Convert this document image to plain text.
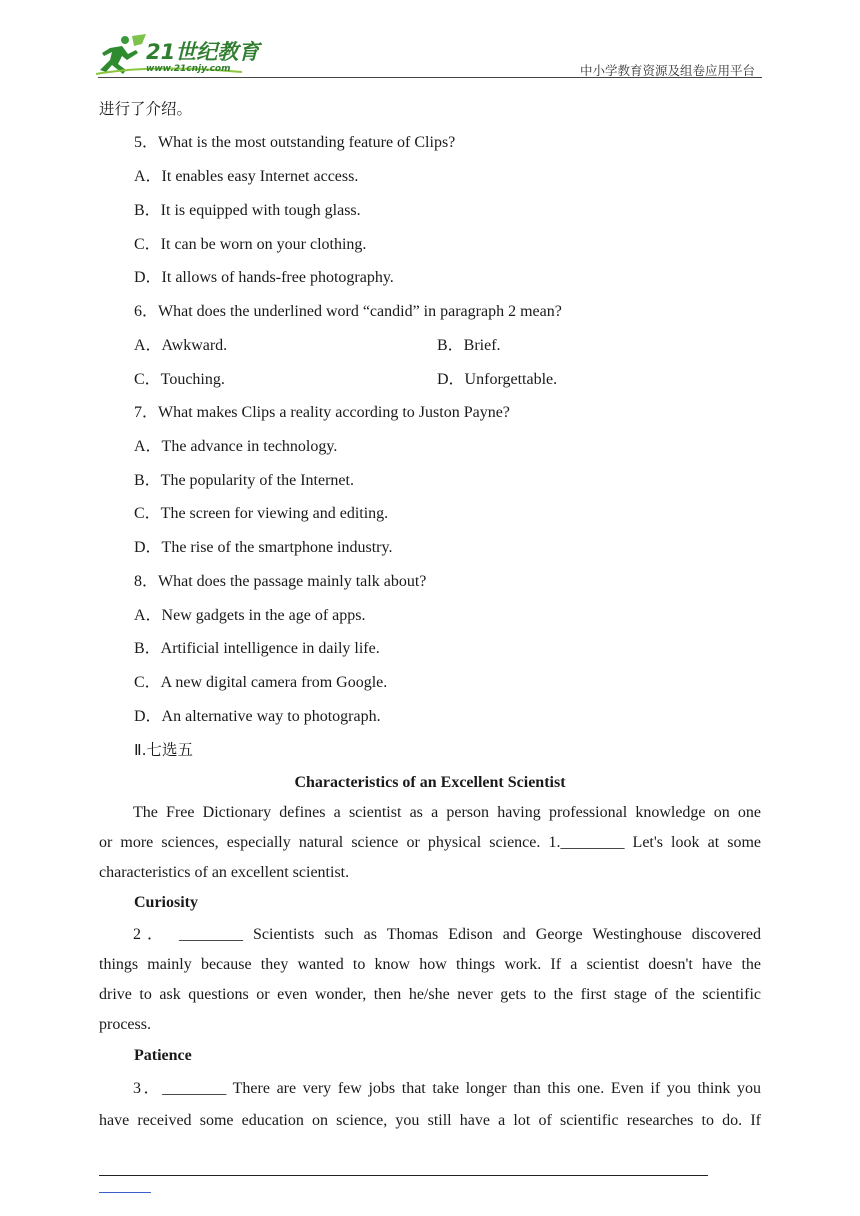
21世纪教育
www.21cnjy.com	中小学教育资源及组卷应用平台
进行了介绍。
5．What is the most outstanding feature of Clips?
A．It enables easy Internet access.
B．It is equipped with tough glass.
C．It can be worn on your clothing.
D．It allows of hands-free photography.
6．What does the underlined word “candid” in paragraph 2 mean?
A．Awkward.	B．Brief.
C．Touching.	D．Unforgettable.
7．What makes Clips a reality according to Juston Payne?
A．The advance in technology.
B．The popularity of the Internet.
C．The screen for viewing and editing.
D．The rise of the smartphone industry.
8．What does the passage mainly talk about?
A．New gadgets in the age of apps.
B．Artificial intelligence in daily life.
C．A new digital camera from Google.
D．An alternative way to photograph.
Ⅱ.七选五
Characteristics of an Excellent Scientist
The Free Dictionary defines a scientist as a person having professional knowledge on one
or more sciences, especially natural science or physical science. 1.________ Let's look at some
characteristics of an excellent scientist.
Curiosity
2． ________ Scientists such as Thomas Edison and George Westinghouse discovered
things mainly because they wanted to know how things work. If a scientist doesn't have the
drive to ask questions or even wonder, then he/she never gets to the first stage of the scientific
process.
Patience
3．________ There are very few jobs that take longer than this one. Even if you think you
have received some education on science, you still have a lot of scientific researches to do. If
